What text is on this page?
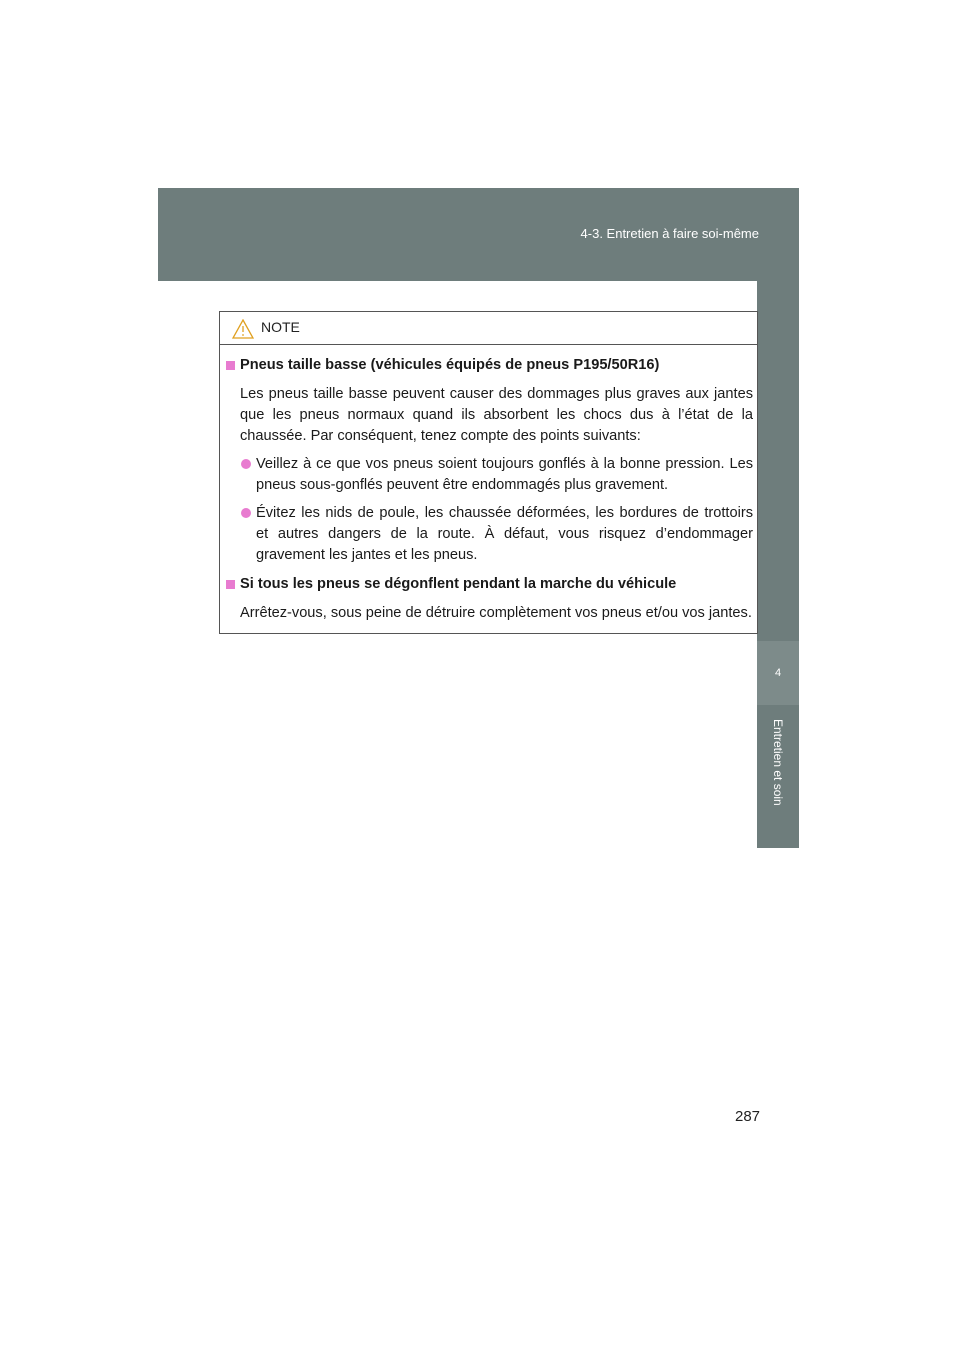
4-3. Entretien à faire soi-même
4
Entretien et soin
NOTE

Pneus taille basse (véhicules équipés de pneus P195/50R16)

Les pneus taille basse peuvent causer des dommages plus graves aux jantes que les pneus normaux quand ils absorbent les chocs dus à l’état de la chaussée. Par conséquent, tenez compte des points suivants:

Veillez à ce que vos pneus soient toujours gonflés à la bonne pression. Les pneus sous-gonflés peuvent être endommagés plus gravement.

Évitez les nids de poule, les chaussée déformées, les bordures de trottoirs et autres dangers de la route. À défaut, vous risquez d’endommager gravement les jantes et les pneus.

Si tous les pneus se dégonflent pendant la marche du véhicule

Arrêtez-vous, sous peine de détruire complètement vos pneus et/ou vos jantes.

287
